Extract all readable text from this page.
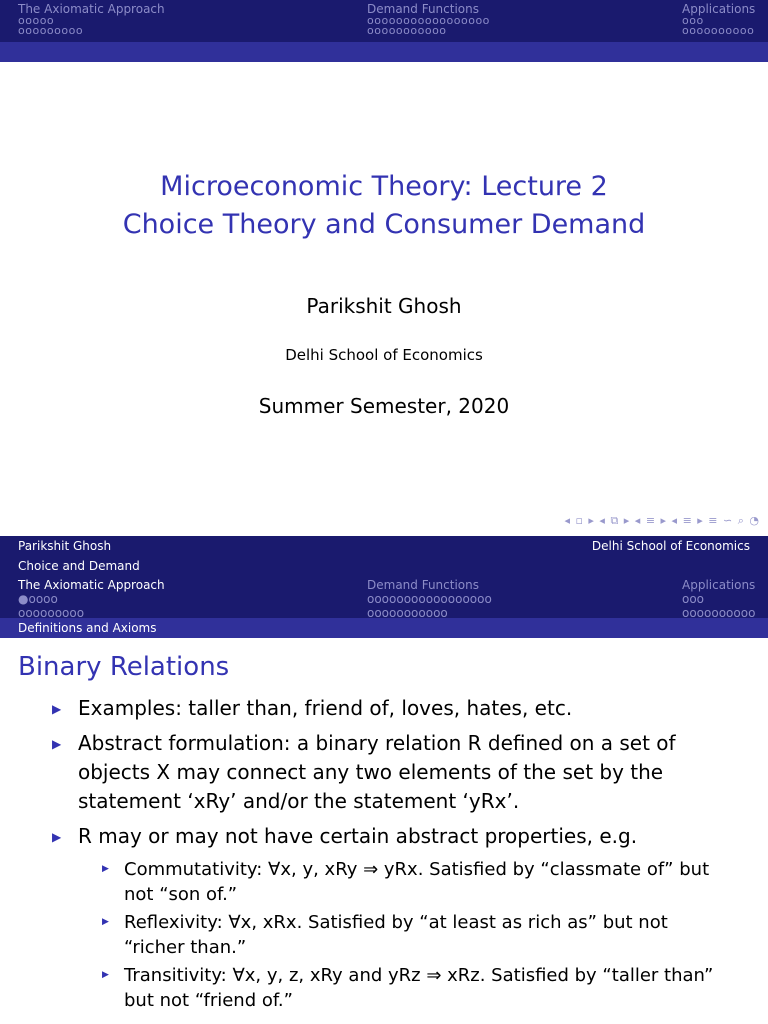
The Axiomatic Approach
ooooo
ooooooooo
Demand Functions
ooooooooooooooooo
ooooooooooo
Applications
ooo
oooooooooo
Microeconomic Theory: Lecture 2
Choice Theory and Consumer Demand
Parikshit Ghosh
Delhi School of Economics
Summer Semester, 2020
◂ ▫ ▸ ◂ ⧉ ▸ ◂ ≡ ▸ ◂ ≡ ▸ ≡ ∽ ⌕ ◔
Parikshit Ghosh	Delhi School of Economics
Choice and Demand
The Axiomatic Approach
●oooo
ooooooooo
Demand Functions
ooooooooooooooooo
ooooooooooo
Applications
ooo
oooooooooo
Definitions and Axioms
Binary Relations
▶ Examples: taller than, friend of, loves, hates, etc.
▶ Abstract formulation: a binary relation R defined on a set of objects X may connect any two elements of the set by the statement ‘xRy’ and/or the statement ‘yRx’.
▶ R may or may not have certain abstract properties, e.g.
▶ Commutativity: ∀x, y, xRy ⇒ yRx. Satisfied by “classmate of” but not “son of.”
▶ Reflexivity: ∀x, xRx. Satisfied by “at least as rich as” but not “richer than.”
▶ Transitivity: ∀x, y, z, xRy and yRz ⇒ xRz. Satisfied by “taller than” but not “friend of.”
